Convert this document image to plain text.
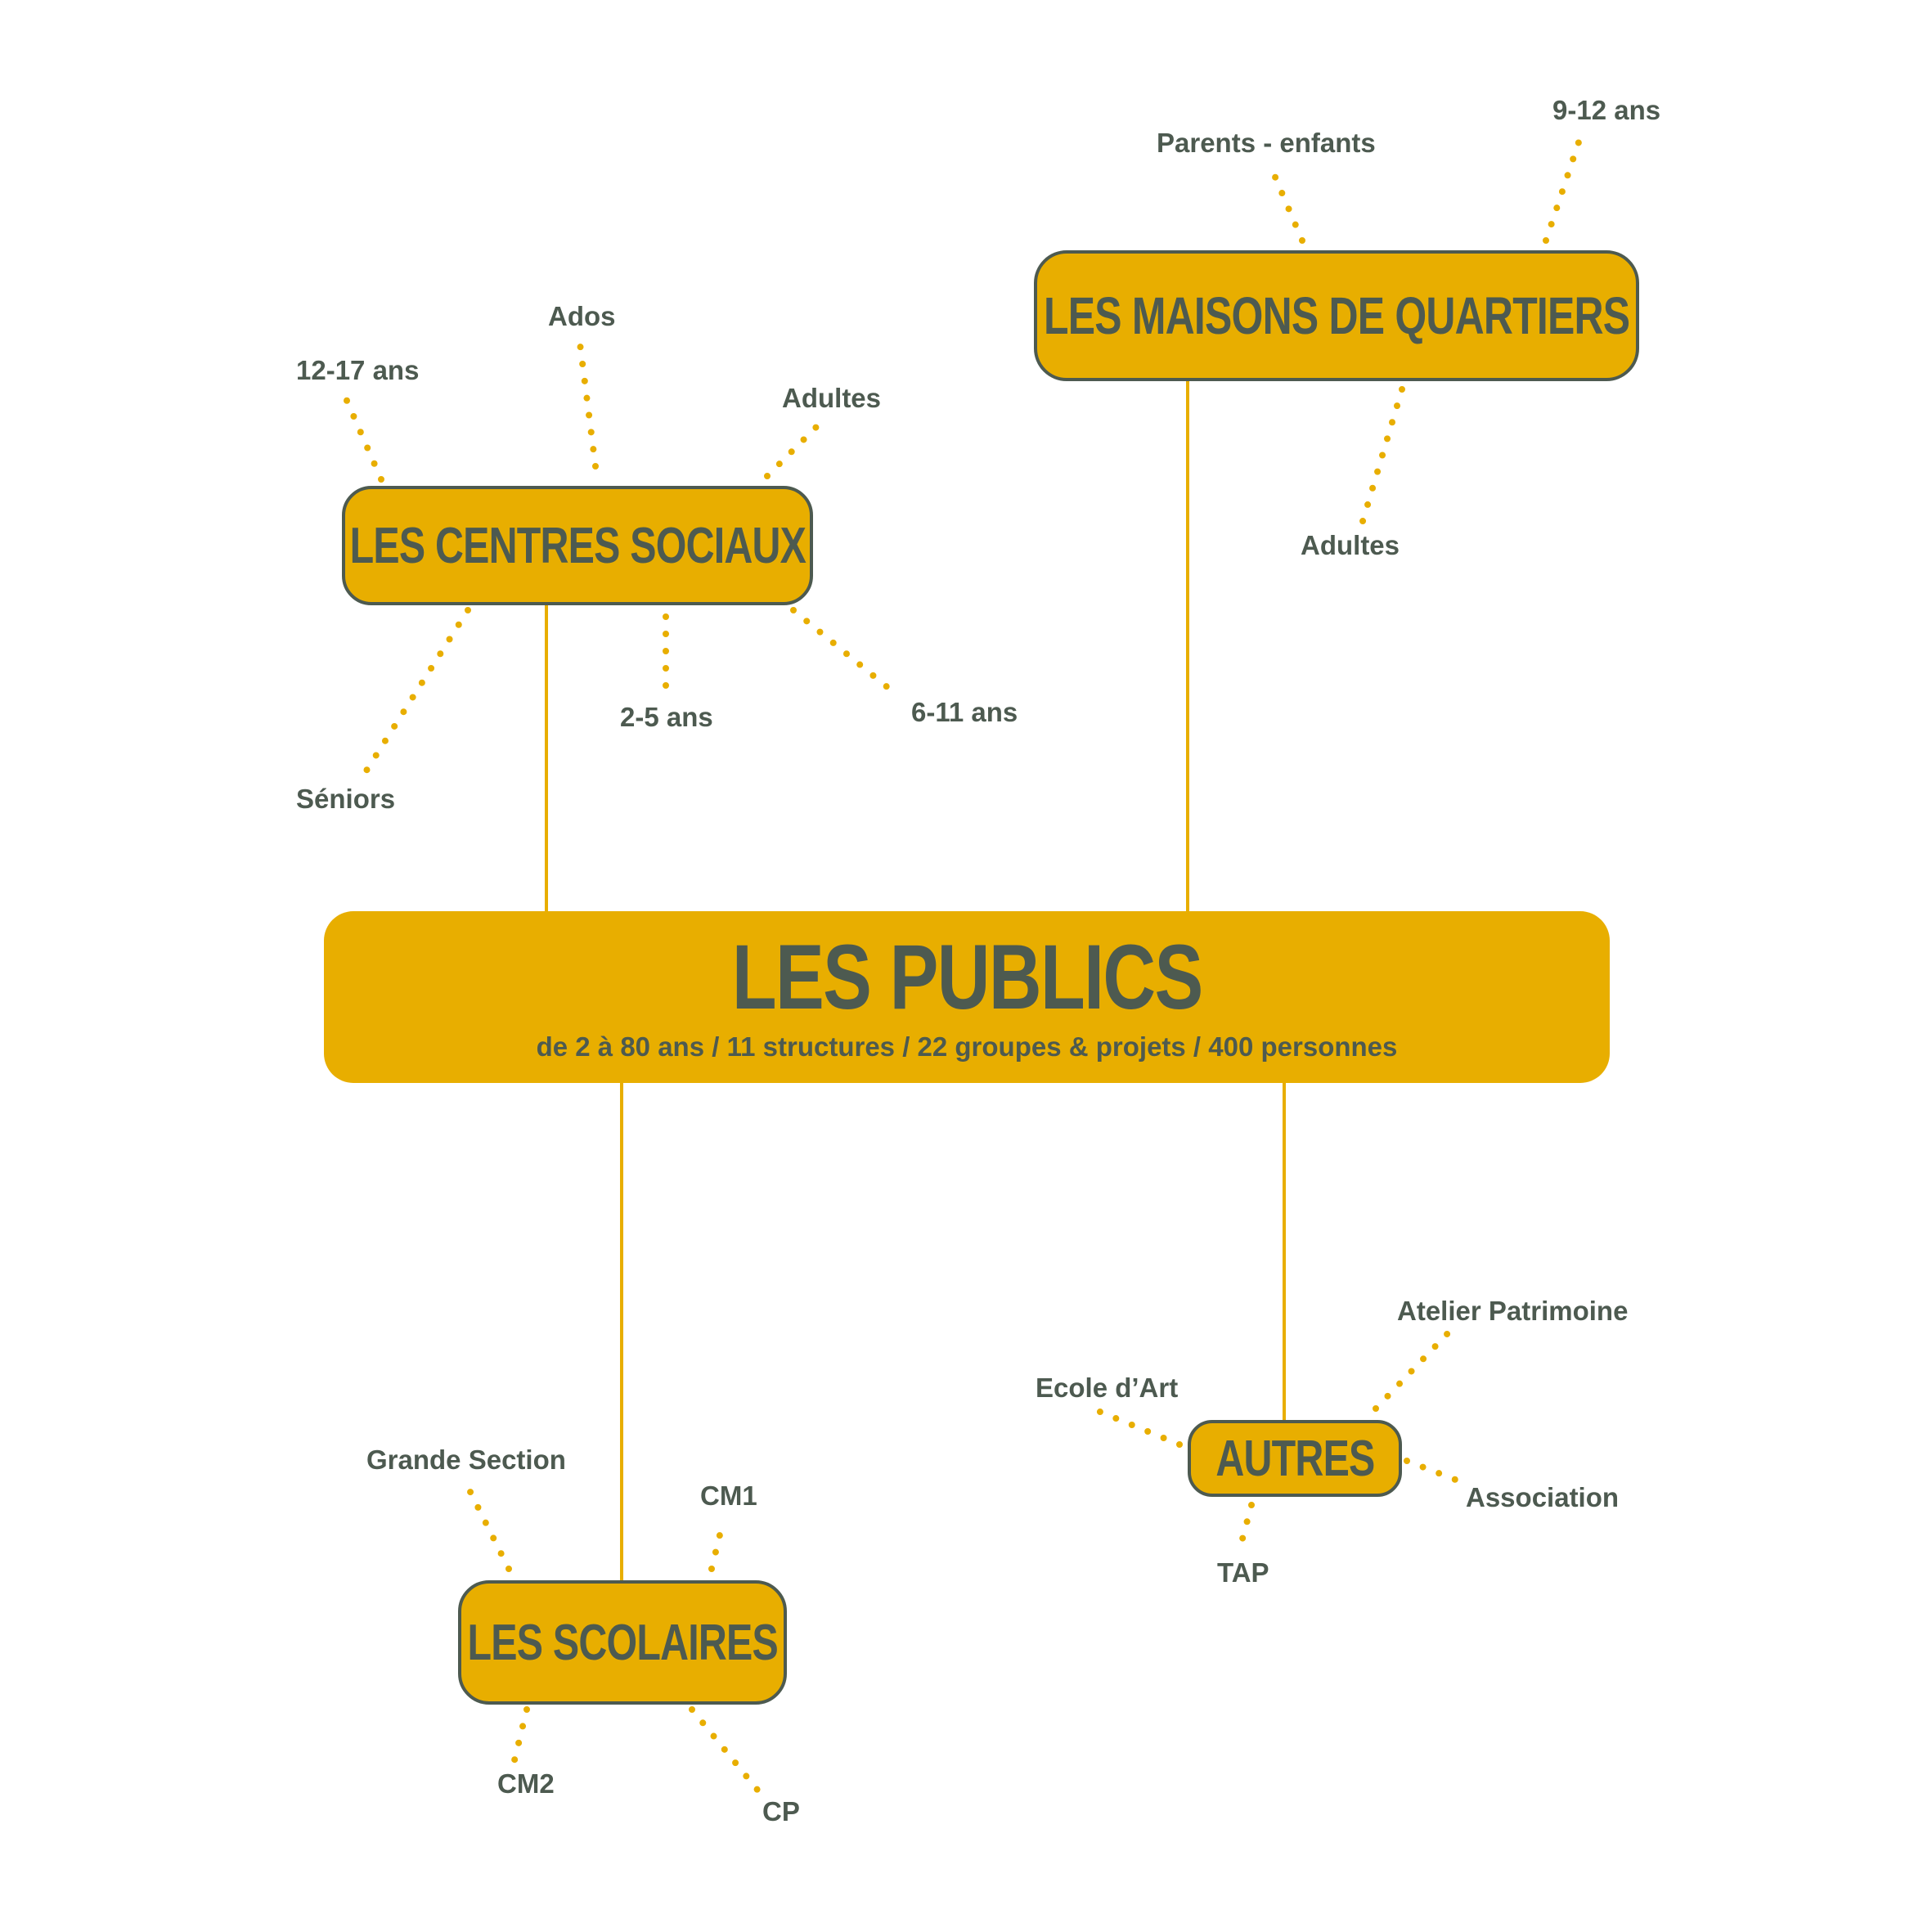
LES PUBLICS
de 2 à 80 ans / 11 structures / 22 groupes & projets / 400 personnes
LES CENTRES SOCIAUX
12-17 ans
Ados
Adultes
Séniors
2-5 ans	6-11 ans
LES MAISONS DE QUARTIERS
Parents - enfants
9-12 ans
Adultes
LES SCOLAIRES
Grande Section
CM1
CM2
CP
AUTRES
Ecole d’Art
Atelier Patrimoine
Association
TAP
